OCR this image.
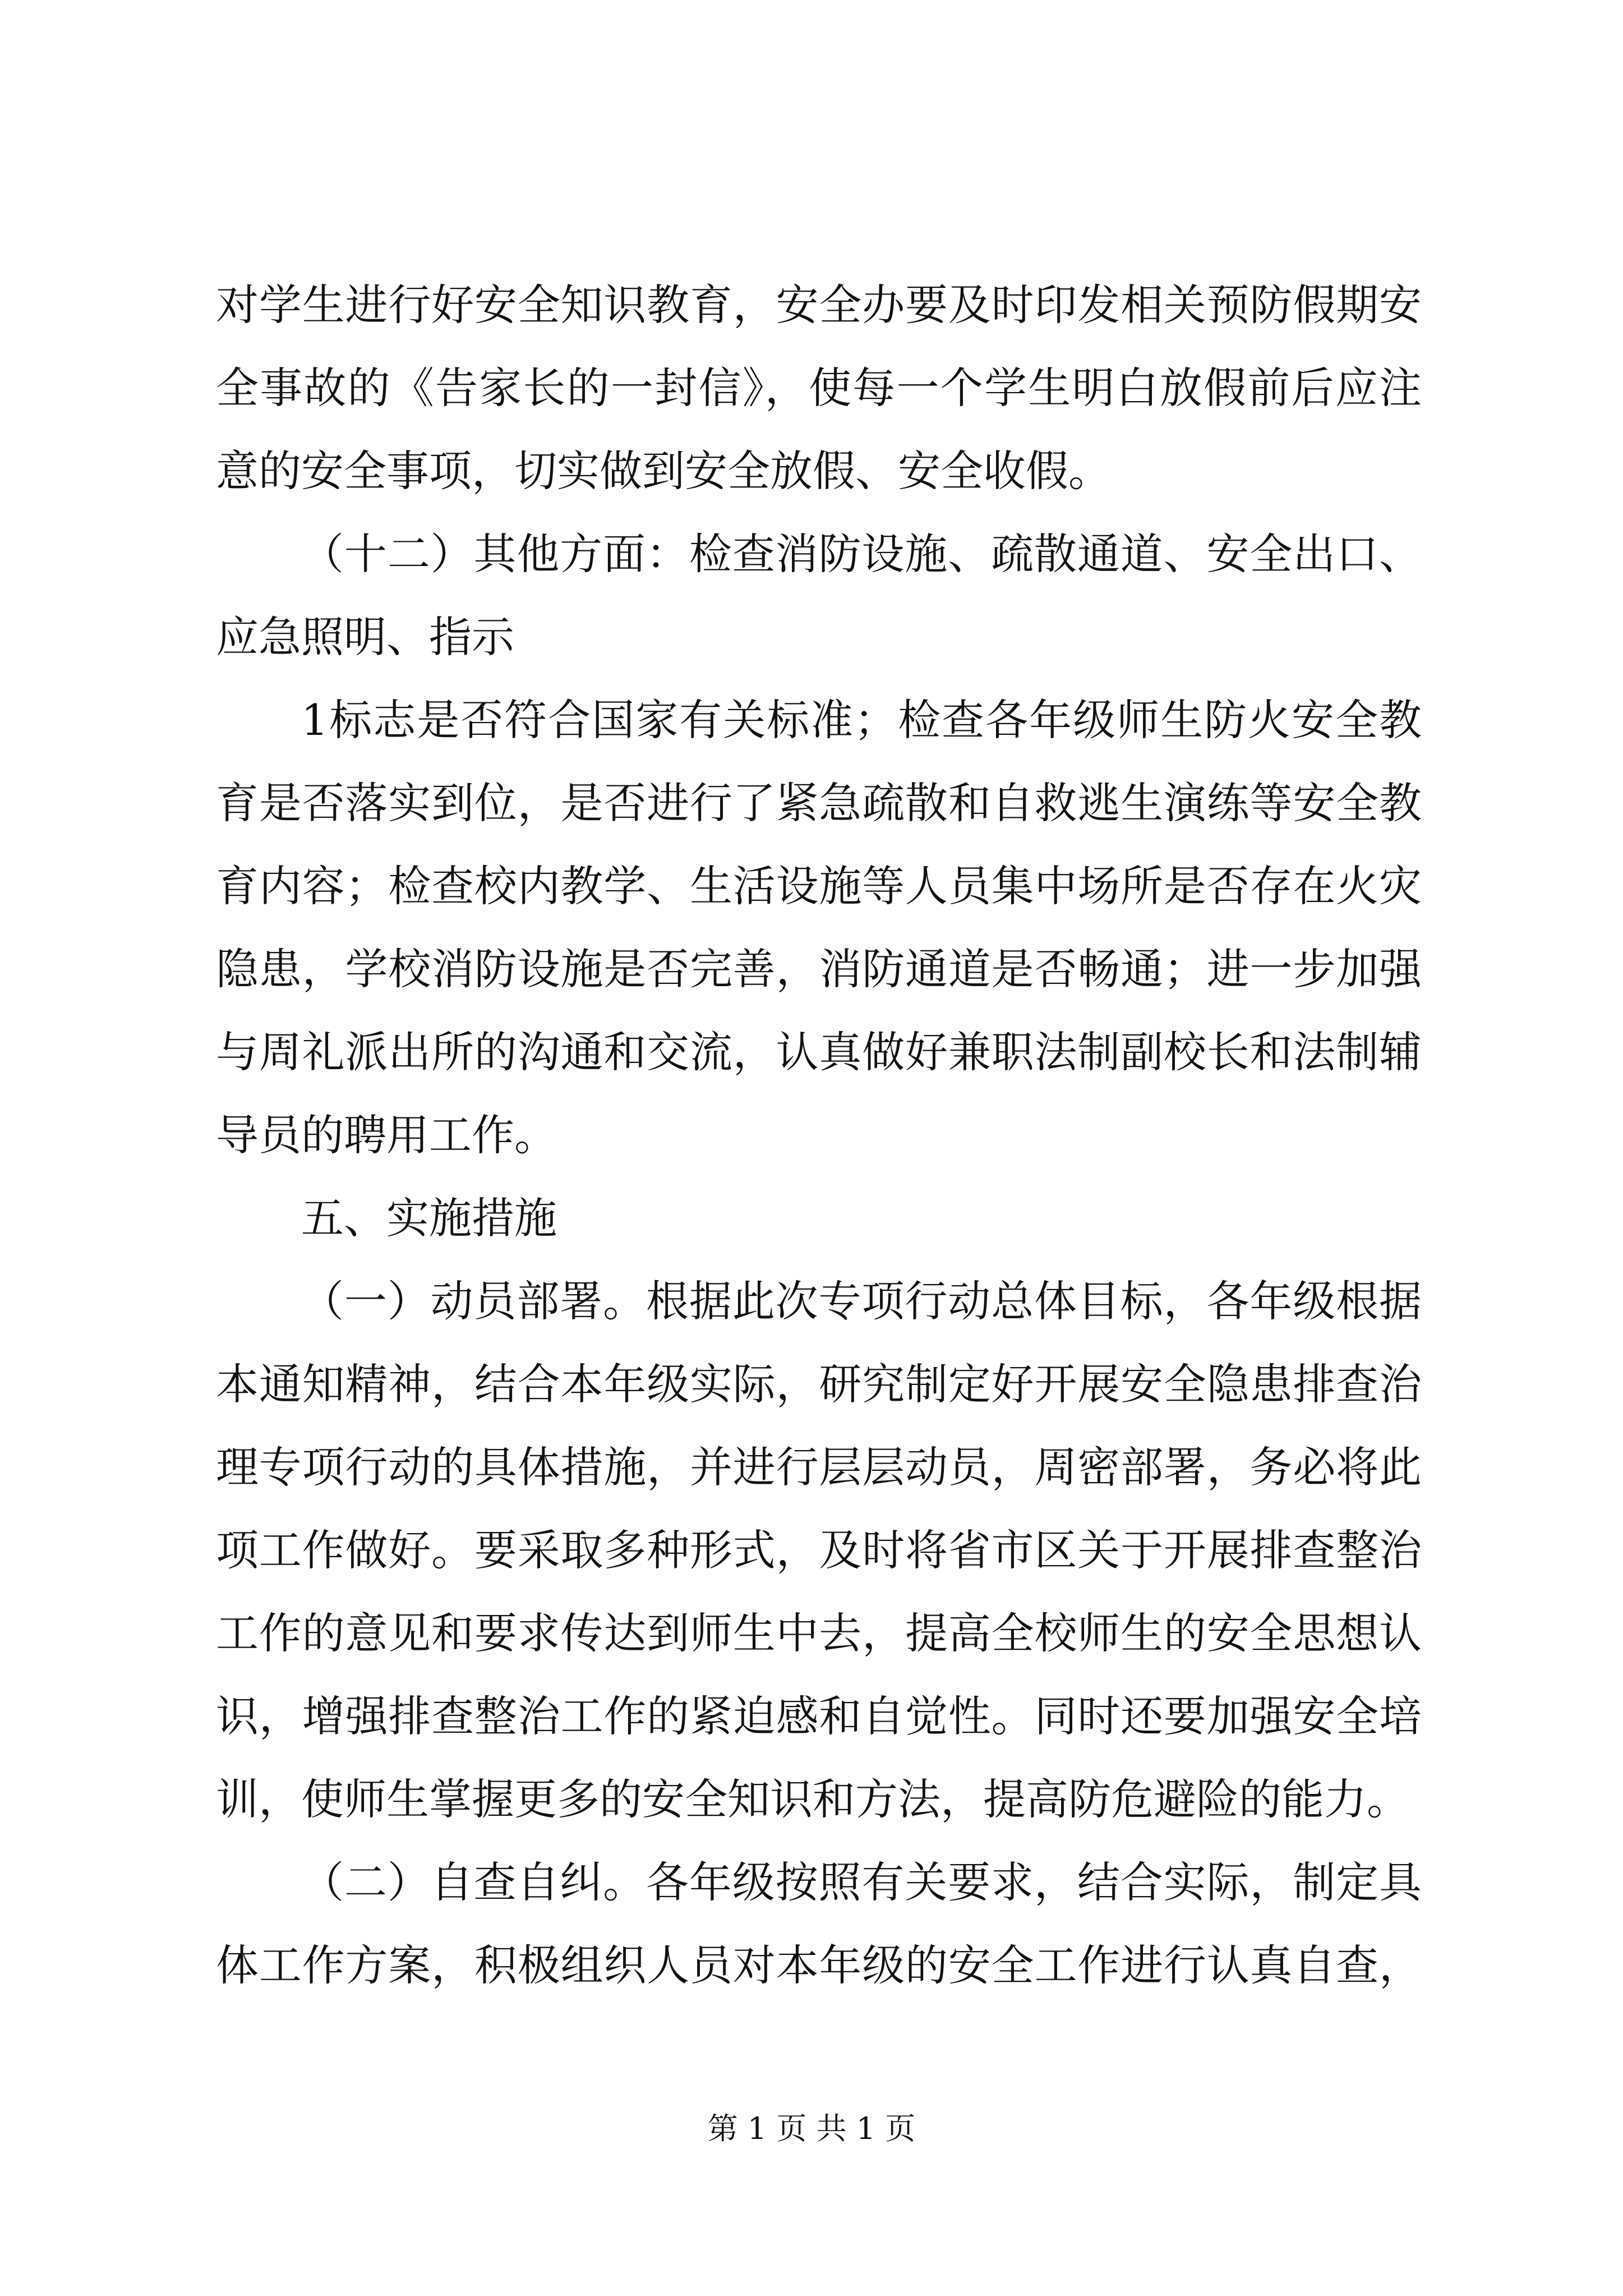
对学生进行好安全知识教育，安全办要及时印发相关预防假期安全事故的《告家长的一封信》，使每一个学生明白放假前后应注意的安全事项，切实做到安全放假、安全收假。

（十二）其他方面：检查消防设施、疏散通道、安全出口、应急照明、指示

1标志是否符合国家有关标准；检查各年级师生防火安全教育是否落实到位，是否进行了紧急疏散和自救逃生演练等安全教育内容；检查校内教学、生活设施等人员集中场所是否存在火灾隐患，学校消防设施是否完善，消防通道是否畅通；进一步加强与周礼派出所的沟通和交流，认真做好兼职法制副校长和法制辅导员的聘用工作。

五、实施措施

（一）动员部署。根据此次专项行动总体目标，各年级根据本通知精神，结合本年级实际，研究制定好开展安全隐患排查治理专项行动的具体措施，并进行层层动员，周密部署，务必将此项工作做好。要采取多种形式，及时将省市区关于开展排查整治工作的意见和要求传达到师生中去，提高全校师生的安全思想认识，增强排查整治工作的紧迫感和自觉性。同时还要加强安全培训，使师生掌握更多的安全知识和方法，提高防危避险的能力。

（二）自查自纠。各年级按照有关要求，结合实际，制定具体工作方案，积极组织人员对本年级的安全工作进行认真自查，

第 1 页 共 1 页
